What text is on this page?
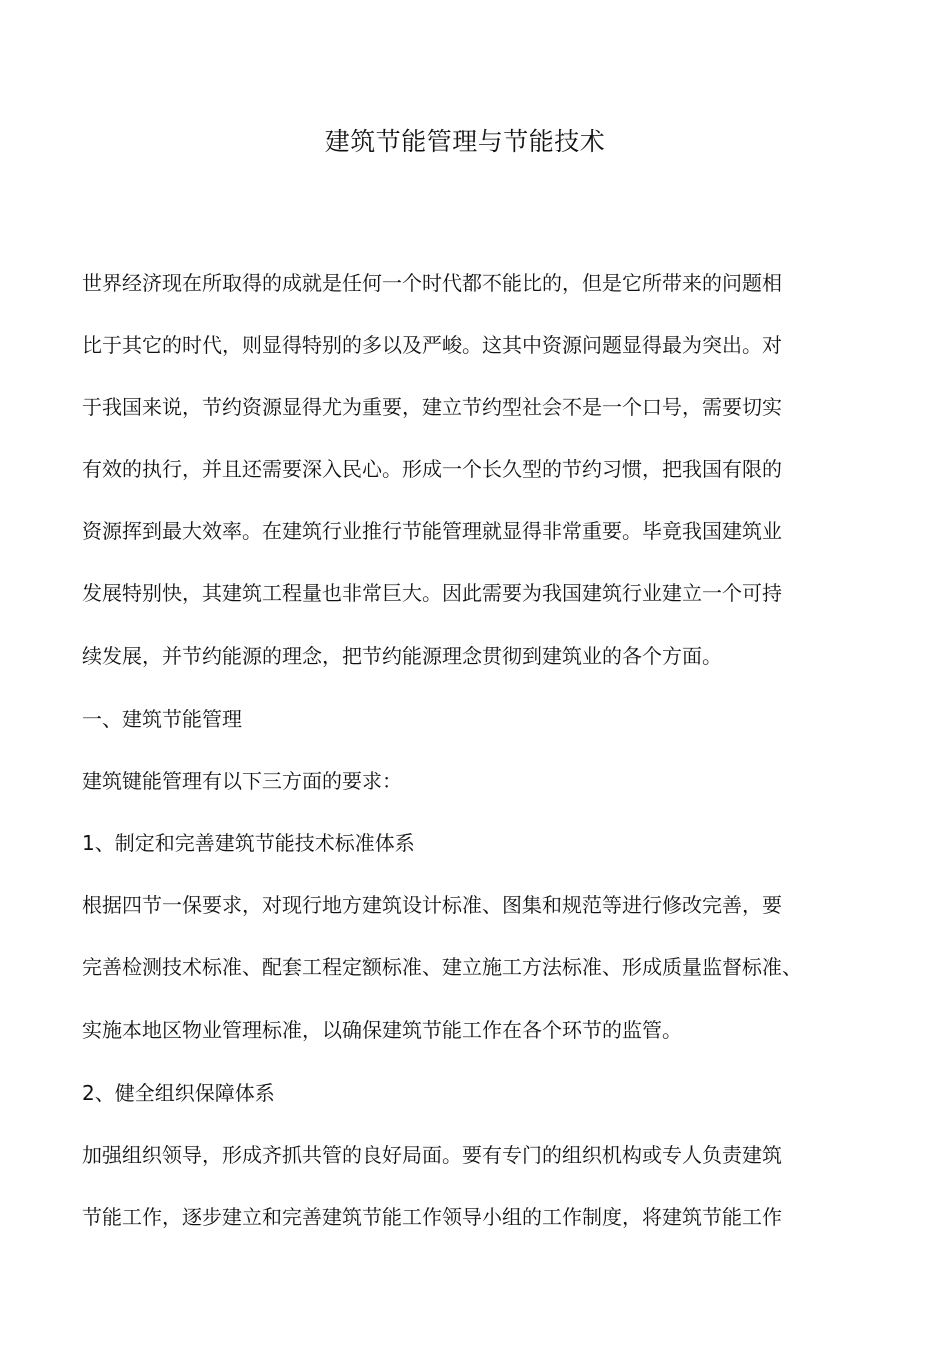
建筑节能管理与节能技术

世界经济现在所取得的成就是任何一个时代都不能比的，但是它所带来的问题相

比于其它的时代，则显得特别的多以及严峻。这其中资源问题显得最为突出。对

于我国来说，节约资源显得尤为重要，建立节约型社会不是一个口号，需要切实

有效的执行，并且还需要深入民心。形成一个长久型的节约习惯，把我国有限的

资源挥到最大效率。在建筑行业推行节能管理就显得非常重要。毕竟我国建筑业

发展特别快，其建筑工程量也非常巨大。因此需要为我国建筑行业建立一个可持

续发展，并节约能源的理念，把节约能源理念贯彻到建筑业的各个方面。

一、建筑节能管理

建筑键能管理有以下三方面的要求：

1、制定和完善建筑节能技术标准体系

根据四节一保要求，对现行地方建筑设计标准、图集和规范等进行修改完善，要

完善检测技术标准、配套工程定额标准、建立施工方法标准、形成质量监督标准、

实施本地区物业管理标准，以确保建筑节能工作在各个环节的监管。

2、健全组织保障体系

加强组织领导，形成齐抓共管的良好局面。要有专门的组织机构或专人负责建筑

节能工作，逐步建立和完善建筑节能工作领导小组的工作制度，将建筑节能工作
